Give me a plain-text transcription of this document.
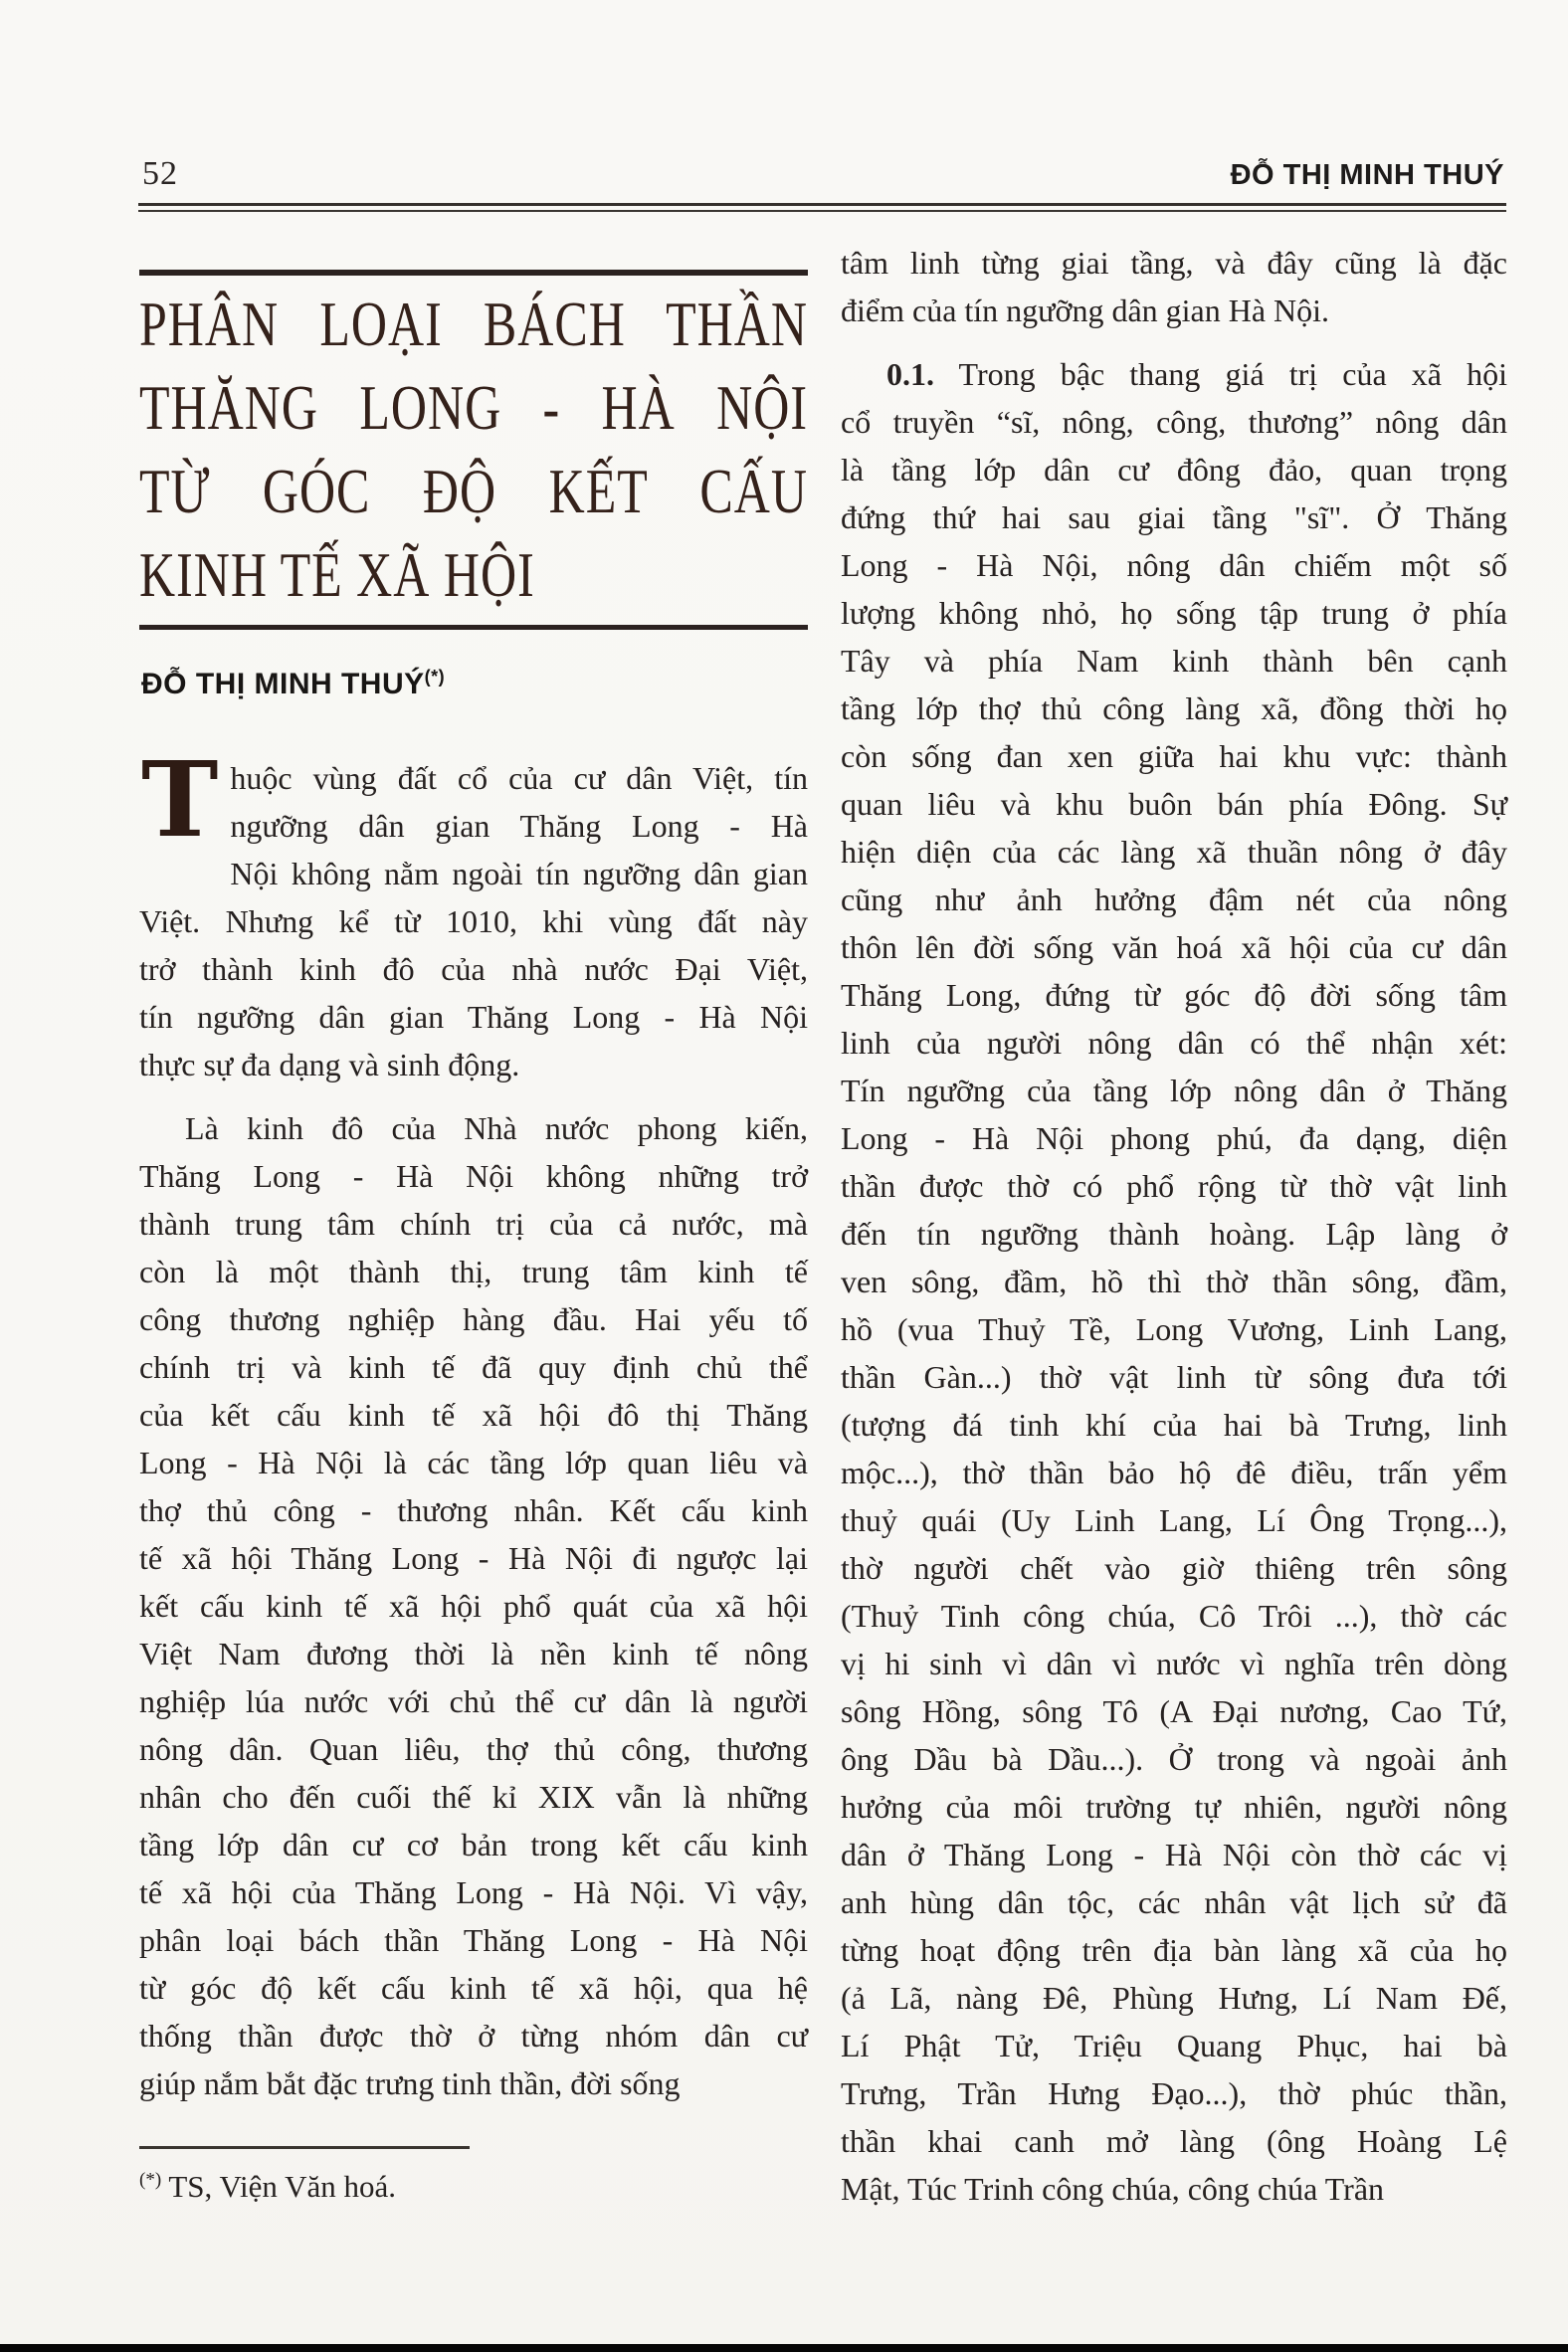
52	ĐỖ THỊ MINH THUÝ
PHÂN LOẠI BÁCH THẦN
THĂNG LONG - HÀ NỘI
TỪ GÓC ĐỘ KẾT CẤU
KINH TẾ XÃ HỘI
ĐỖ THỊ MINH THUÝ(*)
T huộc vùng đất cổ của cư dân Việt, tín
ngưỡng dân gian Thăng Long - Hà
Nội không nằm ngoài tín ngưỡng dân gian
Việt. Nhưng kể từ 1010, khi vùng đất này
trở thành kinh đô của nhà nước Đại Việt,
tín ngưỡng dân gian Thăng Long - Hà Nội
thực sự đa dạng và sinh động.
Là kinh đô của Nhà nước phong kiến,
Thăng Long - Hà Nội không những trở
thành trung tâm chính trị của cả nước, mà
còn là một thành thị, trung tâm kinh tế
công thương nghiệp hàng đầu. Hai yếu tố
chính trị và kinh tế đã quy định chủ thể
của kết cấu kinh tế xã hội đô thị Thăng
Long - Hà Nội là các tầng lớp quan liêu và
thợ thủ công - thương nhân. Kết cấu kinh
tế xã hội Thăng Long - Hà Nội đi ngược lại
kết cấu kinh tế xã hội phổ quát của xã hội
Việt Nam đương thời là nền kinh tế nông
nghiệp lúa nước với chủ thể cư dân là người
nông dân. Quan liêu, thợ thủ công, thương
nhân cho đến cuối thế kỉ XIX vẫn là những
tầng lớp dân cư cơ bản trong kết cấu kinh
tế xã hội của Thăng Long - Hà Nội. Vì vậy,
phân loại bách thần Thăng Long - Hà Nội
từ góc độ kết cấu kinh tế xã hội, qua hệ
thống thần được thờ ở từng nhóm dân cư
giúp nắm bắt đặc trưng tinh thần, đời sống
tâm linh từng giai tầng, và đây cũng là đặc
điểm của tín ngưỡng dân gian Hà Nội.
0.1. Trong bậc thang giá trị của xã hội
cổ truyền “sĩ, nông, công, thương” nông dân
là tầng lớp dân cư đông đảo, quan trọng
đứng thứ hai sau giai tầng "sĩ". Ở Thăng
Long - Hà Nội, nông dân chiếm một số
lượng không nhỏ, họ sống tập trung ở phía
Tây và phía Nam kinh thành bên cạnh
tầng lớp thợ thủ công làng xã, đồng thời họ
còn sống đan xen giữa hai khu vực: thành
quan liêu và khu buôn bán phía Đông. Sự
hiện diện của các làng xã thuần nông ở đây
cũng như ảnh hưởng đậm nét của nông
thôn lên đời sống văn hoá xã hội của cư dân
Thăng Long, đứng từ góc độ đời sống tâm
linh của người nông dân có thể nhận xét:
Tín ngưỡng của tầng lớp nông dân ở Thăng
Long - Hà Nội phong phú, đa dạng, diện
thần được thờ có phổ rộng từ thờ vật linh
đến tín ngưỡng thành hoàng. Lập làng ở
ven sông, đầm, hồ thì thờ thần sông, đầm,
hồ (vua Thuỷ Tề, Long Vương, Linh Lang,
thần Gàn...) thờ vật linh từ sông đưa tới
(tượng đá tinh khí của hai bà Trưng, linh
mộc...), thờ thần bảo hộ đê điều, trấn yểm
thuỷ quái (Uy Linh Lang, Lí Ông Trọng...),
thờ người chết vào giờ thiêng trên sông
(Thuỷ Tinh công chúa, Cô Trôi ...), thờ các
vị hi sinh vì dân vì nước vì nghĩa trên dòng
sông Hồng, sông Tô (A Đại nương, Cao Tứ,
ông Dầu bà Dầu...). Ở trong và ngoài ảnh
hưởng của môi trường tự nhiên, người nông
dân ở Thăng Long - Hà Nội còn thờ các vị
anh hùng dân tộc, các nhân vật lịch sử đã
từng hoạt động trên địa bàn làng xã của họ
(ả Lã, nàng Đê, Phùng Hưng, Lí Nam Đế,
Lí Phật Tử, Triệu Quang Phục, hai bà
Trưng, Trần Hưng Đạo...), thờ phúc thần,
thần khai canh mở làng (ông Hoàng Lệ
Mật, Túc Trinh công chúa, công chúa Trần
(*) TS, Viện Văn hoá.
